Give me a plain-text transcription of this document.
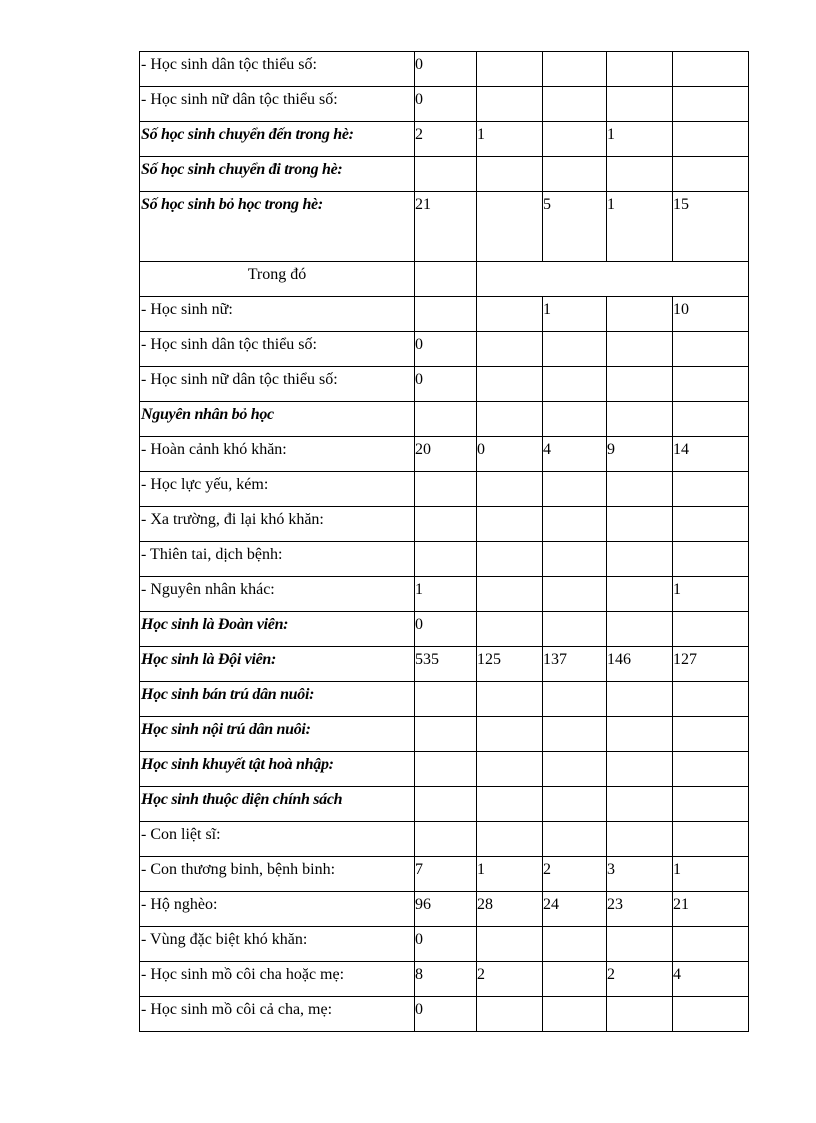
- Học sinh dân tộc thiểu số:	0				
- Học sinh nữ dân tộc thiểu số:	0				
Số học sinh chuyển đến trong hè:	2	1		1	
Số học sinh chuyển đi trong hè:					
Số học sinh bỏ học trong hè:	21		5	1	15
Trong đó					
- Học sinh nữ:			1		10
- Học sinh dân tộc thiểu số:	0				
- Học sinh nữ dân tộc thiểu số:	0				
Nguyên nhân bỏ học					
- Hoàn cảnh khó khăn:	20	0	4	9	14
- Học lực yếu, kém:					
- Xa trường, đi lại khó khăn:					
- Thiên tai, dịch bệnh:					
- Nguyên nhân khác:	1				1
Học sinh là Đoàn viên:	0				
Học sinh là Đội viên:	535	125	137	146	127
Học sinh bán trú dân nuôi:					
Học sinh nội trú dân nuôi:					
Học sinh khuyết tật hoà nhập:					
Học sinh thuộc diện chính sách					
- Con liệt sĩ:					
- Con thương binh, bệnh binh:	7	1	2	3	1
- Hộ nghèo:	96	28	24	23	21
- Vùng đặc biệt khó khăn:	0				
- Học sinh mồ côi cha hoặc mẹ:	8	2		2	4
- Học sinh mồ côi cả cha, mẹ:	0				
